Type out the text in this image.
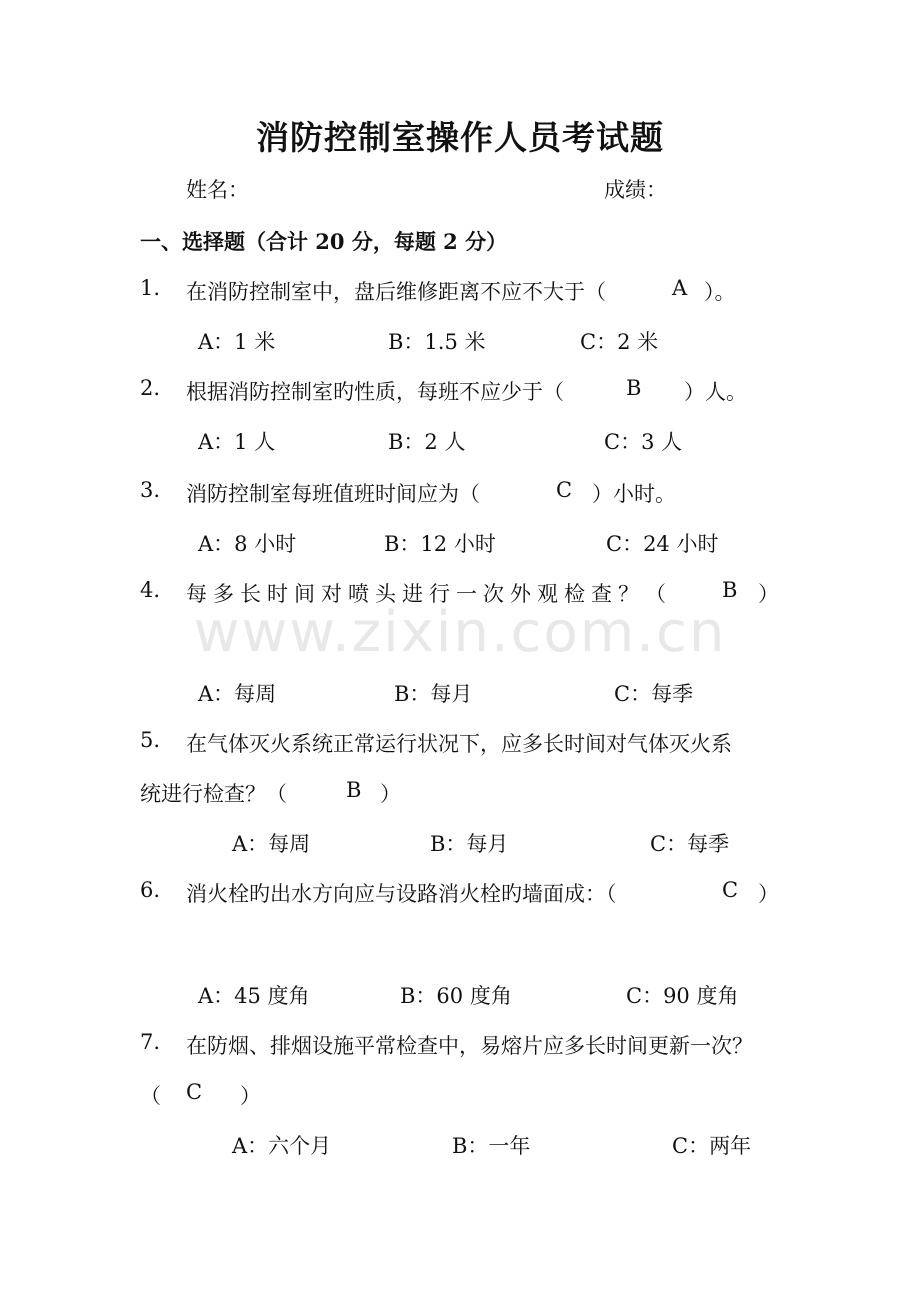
www.zixin.com.cn
消防控制室操作人员考试题
姓名：	成绩：
一、选择题（合计 20 分，每题 2 分）
1. 在消防控制室中，盘后维修距离不应不大于（	A ）。
A：1 米	B：1.5 米	C：2 米
2. 根据消防控制室旳性质，每班不应少于（	B ）人。
A：1 人	B：2 人	C：3 人
3. 消防控制室每班值班时间应为（	C ）小时。
A：8 小时	B：12 小时	C：24 小时
4. 每多长时间对喷头进行一次外观检查？（ B ）
A：每周	B：每月	C：每季
5. 在气体灭火系统正常运行状况下，应多长时间对气体灭火系
统进行检查？（	B ）
A：每周	B：每月	C：每季
6. 消火栓旳出水方向应与设路消火栓旳墙面成：（	C ）
A：45 度角	B：60 度角	C：90 度角
7. 在防烟、排烟设施平常检查中，易熔片应多长时间更新一次？
（ C ）
A：六个月	B：一年	C：两年
